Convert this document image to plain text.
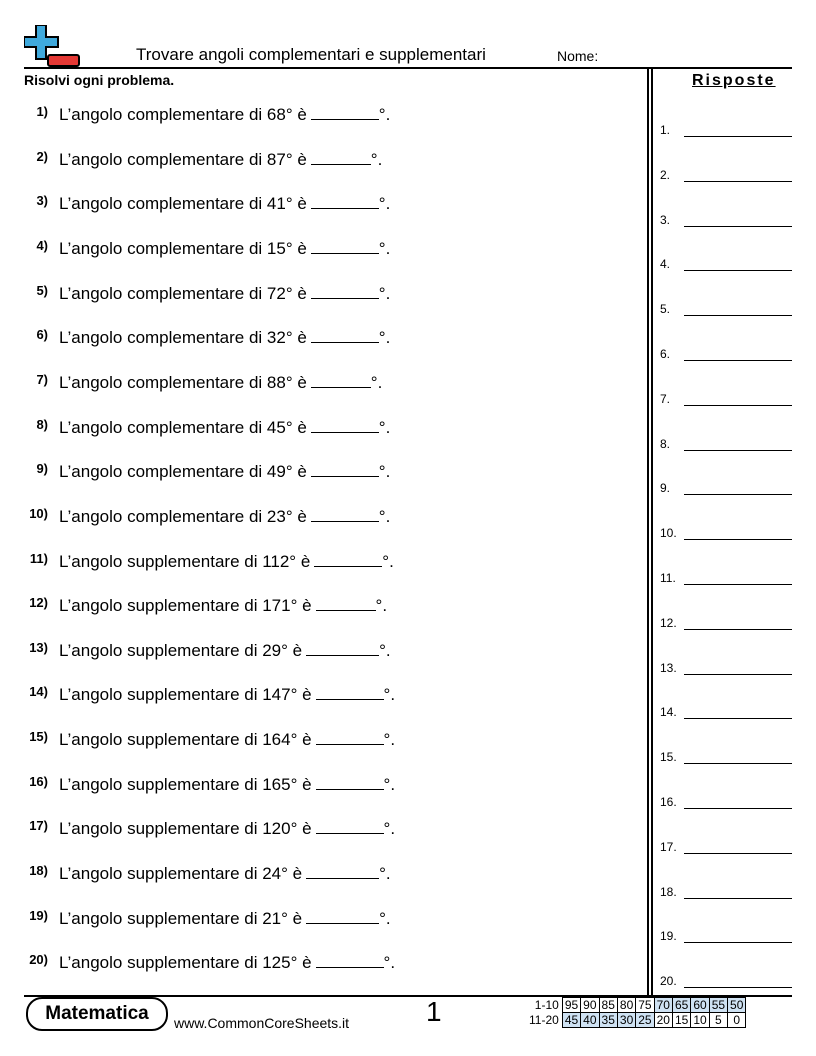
Trovare angoli complementari e supplementari	Nome:
Risolvi ogni problema.	Risposte
1) L’angolo complementare di 68° è	°.
2) L’angolo complementare di 87° è	°.
3) L’angolo complementare di 41° è	°.
4) L’angolo complementare di 15° è	°.
5) L’angolo complementare di 72° è	°.
6) L’angolo complementare di 32° è	°.
7) L’angolo complementare di 88° è	°.
8) L’angolo complementare di 45° è	°.
9) L’angolo complementare di 49° è	°.
10) L’angolo complementare di 23° è	°.
11) L’angolo supplementare di 112° è	°.
12) L’angolo supplementare di 171° è	°.
13) L’angolo supplementare di 29° è	°.
14) L’angolo supplementare di 147° è	°.
15) L’angolo supplementare di 164° è	°.
16) L’angolo supplementare di 165° è	°.
17) L’angolo supplementare di 120° è	°.
18) L’angolo supplementare di 24° è	°.
19) L’angolo supplementare di 21° è	°.
20) L’angolo supplementare di 125° è	°.
1.
2.
3.
4.
5.
6.
7.
8.
9.
10.
11.
12.
13.
14.
15.
16.
17.
18.
19.
20.
Matematica	www.CommonCoreSheets.it	1	1-10	95	90	85	80	75	70	65	60	55	50
11-20	45	40	35	30	25	20	15	10	5	0
